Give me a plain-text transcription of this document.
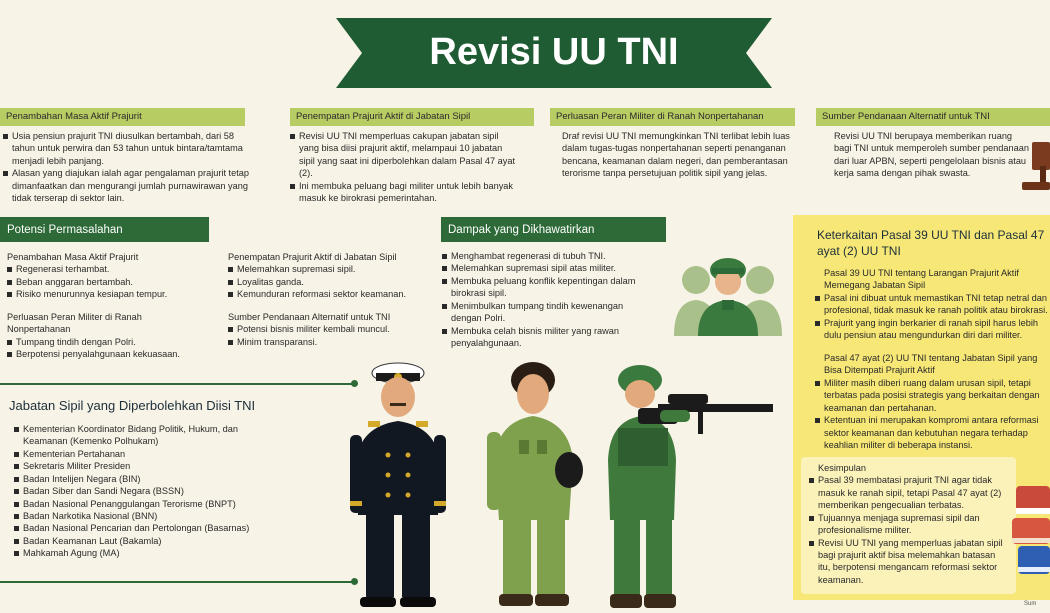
Revisi UU TNI
Penambahan Masa Aktif Prajurit
Usia pensiun prajurit TNI diusulkan bertambah, dari 58 tahun untuk perwira dan 53 tahun untuk bintara/tamtama menjadi lebih panjang.
Alasan yang diajukan ialah agar pengalaman prajurit tetap dimanfaatkan dan mengurangi jumlah purnawirawan yang tidak terserap di sektor lain.
Penempatan Prajurit Aktif di Jabatan Sipil
Revisi UU TNI memperluas cakupan jabatan sipil yang bisa diisi prajurit aktif, melampaui 10 jabatan sipil yang saat ini diperbolehkan dalam Pasal 47 ayat (2).
Ini membuka peluang bagi militer untuk lebih banyak masuk ke birokrasi pemerintahan.
Perluasan Peran Militer di Ranah Nonpertahanan
Draf revisi UU TNI memungkinkan TNI terlibat lebih luas dalam tugas-tugas nonpertahanan seperti penanganan bencana, keamanan dalam negeri, dan pemberantasan terorisme tanpa persetujuan politik sipil yang jelas.
Sumber Pendanaan Alternatif untuk TNI
Revisi UU TNI berupaya memberikan ruang bagi TNI untuk memperoleh sumber pendanaan dari luar APBN, seperti pengelolaan bisnis atau kerja sama dengan pihak swasta.
Potensi Permasalahan

Penambahan Masa Aktif Prajurit

Regenerasi terhambat.
Beban anggaran bertambah.
Risiko menurunnya kesiapan tempur.

Perluasan Peran Militer di Ranah Nonpertahanan

Tumpang tindih dengan Polri.
Berpotensi penyalahgunaan kekuasaan.

Penempatan Prajurit Aktif di Jabatan Sipil

Melemahkan supremasi sipil.
Loyalitas ganda.
Kemunduran reformasi sektor keamanan.

Sumber Pendanaan Alternatif untuk TNI

Potensi bisnis militer kembali muncul.
Minim transparansi.
Dampak yang Dikhawatirkan
Menghambat regenerasi di tubuh TNI.
Melemahkan supremasi sipil atas militer.
Membuka peluang konflik kepentingan dalam birokrasi sipil.
Menimbulkan tumpang tindih kewenangan dengan Polri.
Membuka celah bisnis militer yang rawan penyalahgunaan.
Keterkaitan Pasal 39 UU TNI dan Pasal 47 ayat (2) UU TNI

Pasal 39 UU TNI tentang Larangan Prajurit Aktif Memegang Jabatan Sipil

Pasal ini dibuat untuk memastikan TNI tetap netral dan profesional, tidak masuk ke ranah politik atau birokrasi.
Prajurit yang ingin berkarier di ranah sipil harus lebih dulu pensiun atau mengundurkan diri dari militer.

Pasal 47 ayat (2) UU TNI tentang Jabatan Sipil yang Bisa Ditempati Prajurit Aktif

Militer masih diberi ruang dalam urusan sipil, tetapi terbatas pada posisi strategis yang berkaitan dengan keamanan dan pertahanan.
Ketentuan ini merupakan kompromi antara reformasi sektor keamanan dan kebutuhan negara terhadap keahlian militer di beberapa instansi.

Kesimpulan

Pasal 39 membatasi prajurit TNI agar tidak masuk ke ranah sipil, tetapi Pasal 47 ayat (2) memberikan pengecualian terbatas.
Tujuannya menjaga supremasi sipil dan profesionalisme militer.
Revisi UU TNI yang memperluas jabatan sipil bagi prajurit aktif bisa melemahkan batasan itu, berpotensi mengancam reformasi sektor keamanan.
Jabatan Sipil yang Diperbolehkan Diisi TNI
Kementerian Koordinator Bidang Politik, Hukum, dan Keamanan (Kemenko Polhukam)
Kementerian Pertahanan
Sekretaris Militer Presiden
Badan Intelijen Negara (BIN)
Badan Siber dan Sandi Negara (BSSN)
Badan Nasional Penanggulangan Terorisme (BNPT)
Badan Narkotika Nasional (BNN)
Badan Nasional Pencarian dan Pertolongan (Basarnas)
Badan Keamanan Laut (Bakamla)
Mahkamah Agung (MA)
Sum
